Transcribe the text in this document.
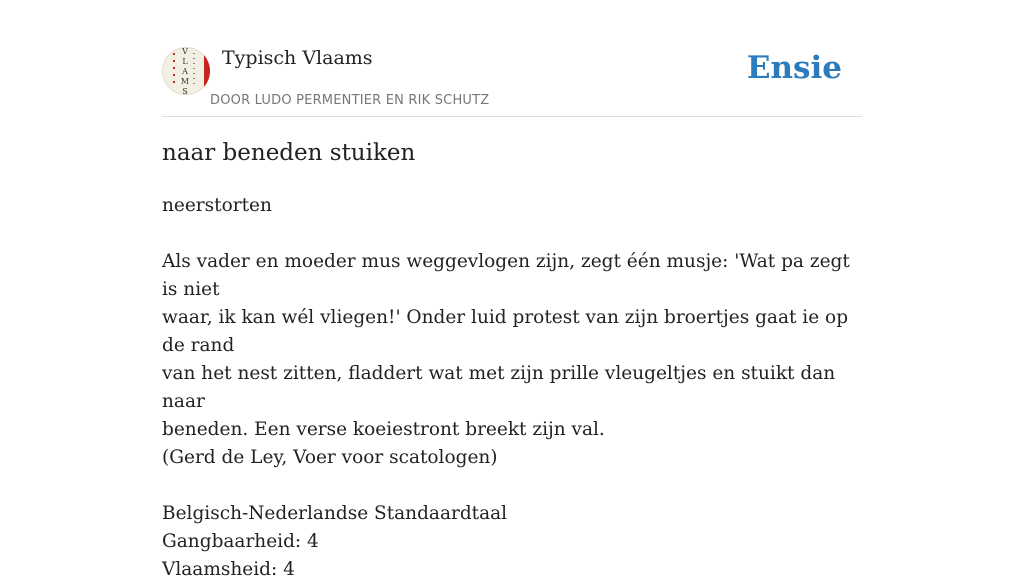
V
L
A
M
S
Typisch Vlaams
DOOR LUDO PERMENTIER EN RIK SCHUTZ
Ensie
naar beneden stuiken

neerstorten

Als vader en moeder mus weggevlogen zijn, zegt één musje: 'Wat pa zegt is niet

waar, ik kan wél vliegen!' Onder luid protest van zijn broertjes gaat ie op de rand

van het nest zitten, fladdert wat met zijn prille vleugeltjes en stuikt dan naar

beneden. Een verse koeiestront breekt zijn val.

(Gerd de Ley, Voer voor scatologen)

Belgisch-Nederlandse Standaardtaal

Gangbaarheid: 4

Vlaamsheid: 4
